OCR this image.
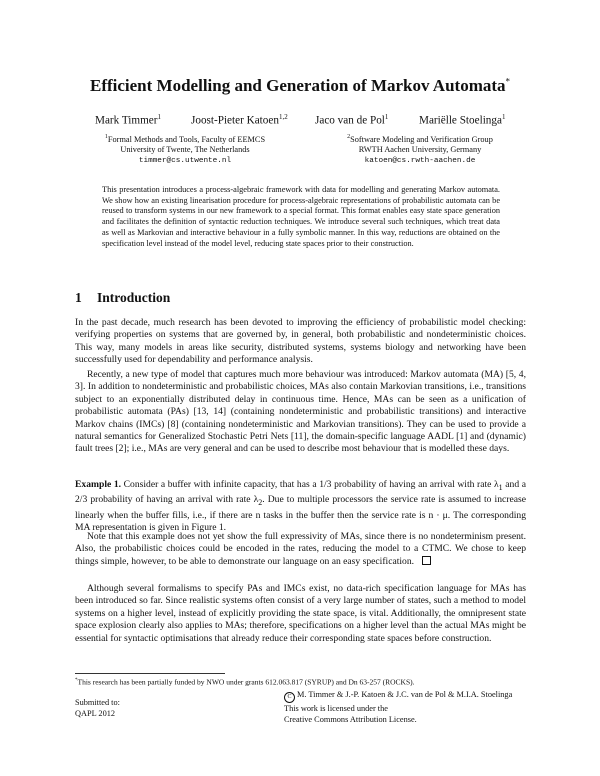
Efficient Modelling and Generation of Markov Automata*
Mark Timmer$^1$	Joost-Pieter Katoen$^{1,2}$ Jaco van de Pol$^1$	Mariëlle Stoelinga$^1$
$^1$Formal Methods and Tools, Faculty of EEMCS
University of Twente, The Netherlands
timmer@cs.utwente.nl
$^2$Software Modeling and Verification Group
RWTH Aachen University, Germany
katoen@cs.rwth-aachen.de

This presentation introduces a process-algebraic framework with data for modelling and generating Markov automata. We show how an existing linearisation procedure for process-algebraic representations of probabilistic automata can be reused to transform systems in our new framework to a special format. This format enables easy state space generation and facilitates the definition of syntactic reduction techniques. We introduce several such techniques, which treat data as well as Markovian and interactive behaviour in a fully symbolic manner. In this way, reductions are obtained on the specification level instead of the model level, reducing state spaces prior to their construction.

1 Introduction

In the past decade, much research has been devoted to improving the efficiency of probabilistic model checking: verifying properties on systems that are governed by, in general, both probabilistic and nondeterministic choices. This way, many models in areas like security, distributed systems, systems biology and networking have been successfully used for dependability and performance analysis.

Recently, a new type of model that captures much more behaviour was introduced: Markov automata (MA) [5, 4, 3]. In addition to nondeterministic and probabilistic choices, MAs also contain Markovian transitions, i.e., transitions subject to an exponentially distributed delay in continuous time. Hence, MAs can be seen as a unification of probabilistic automata (PAs) [13, 14] (containing nondeterministic and probabilistic transitions) and interactive Markov chains (IMCs) [8] (containing nondeterministic and Markovian transitions). They can be used to provide a natural semantics for Generalized Stochastic Petri Nets [11], the domain-specific language AADL [1] and (dynamic) fault trees [2]; i.e., MAs are very general and can be used to describe most behaviour that is modelled these days.

Example 1. Consider a buffer with infinite capacity, that has a 1/3 probability of having an arrival with rate $\lambda_1$ and a 2/3 probability of having an arrival with rate $\lambda_2$. Due to multiple processors the service rate is assumed to increase linearly when the buffer fills, i.e., if there are n tasks in the buffer then the service rate is n · μ. The corresponding MA representation is given in Figure 1.

Note that this example does not yet show the full expressivity of MAs, since there is no nondeterminism present. Also, the probabilistic choices could be encoded in the rates, reducing the model to a CTMC. We chose to keep things simple, however, to be able to demonstrate our language on an easy specification.

Although several formalisms to specify PAs and IMCs exist, no data-rich specification language for MAs has been introduced so far. Since realistic systems often consist of a very large number of states, such a method to model systems on a higher level, instead of explicitly providing the state space, is vital. Additionally, the omnipresent state space explosion clearly also applies to MAs; therefore, specifications on a higher level than the actual MAs might be essential for syntactic optimisations that already reduce their corresponding state spaces before construction.

*This research has been partially funded by NWO under grants 612.063.817 (SYRUP) and Dn 63-257 (ROCKS).

Submitted to:
QAPL 2012
C M. Timmer & J.-P. Katoen & J.C. van de Pol & M.I.A. Stoelinga
This work is licensed under the
Creative Commons Attribution License.
